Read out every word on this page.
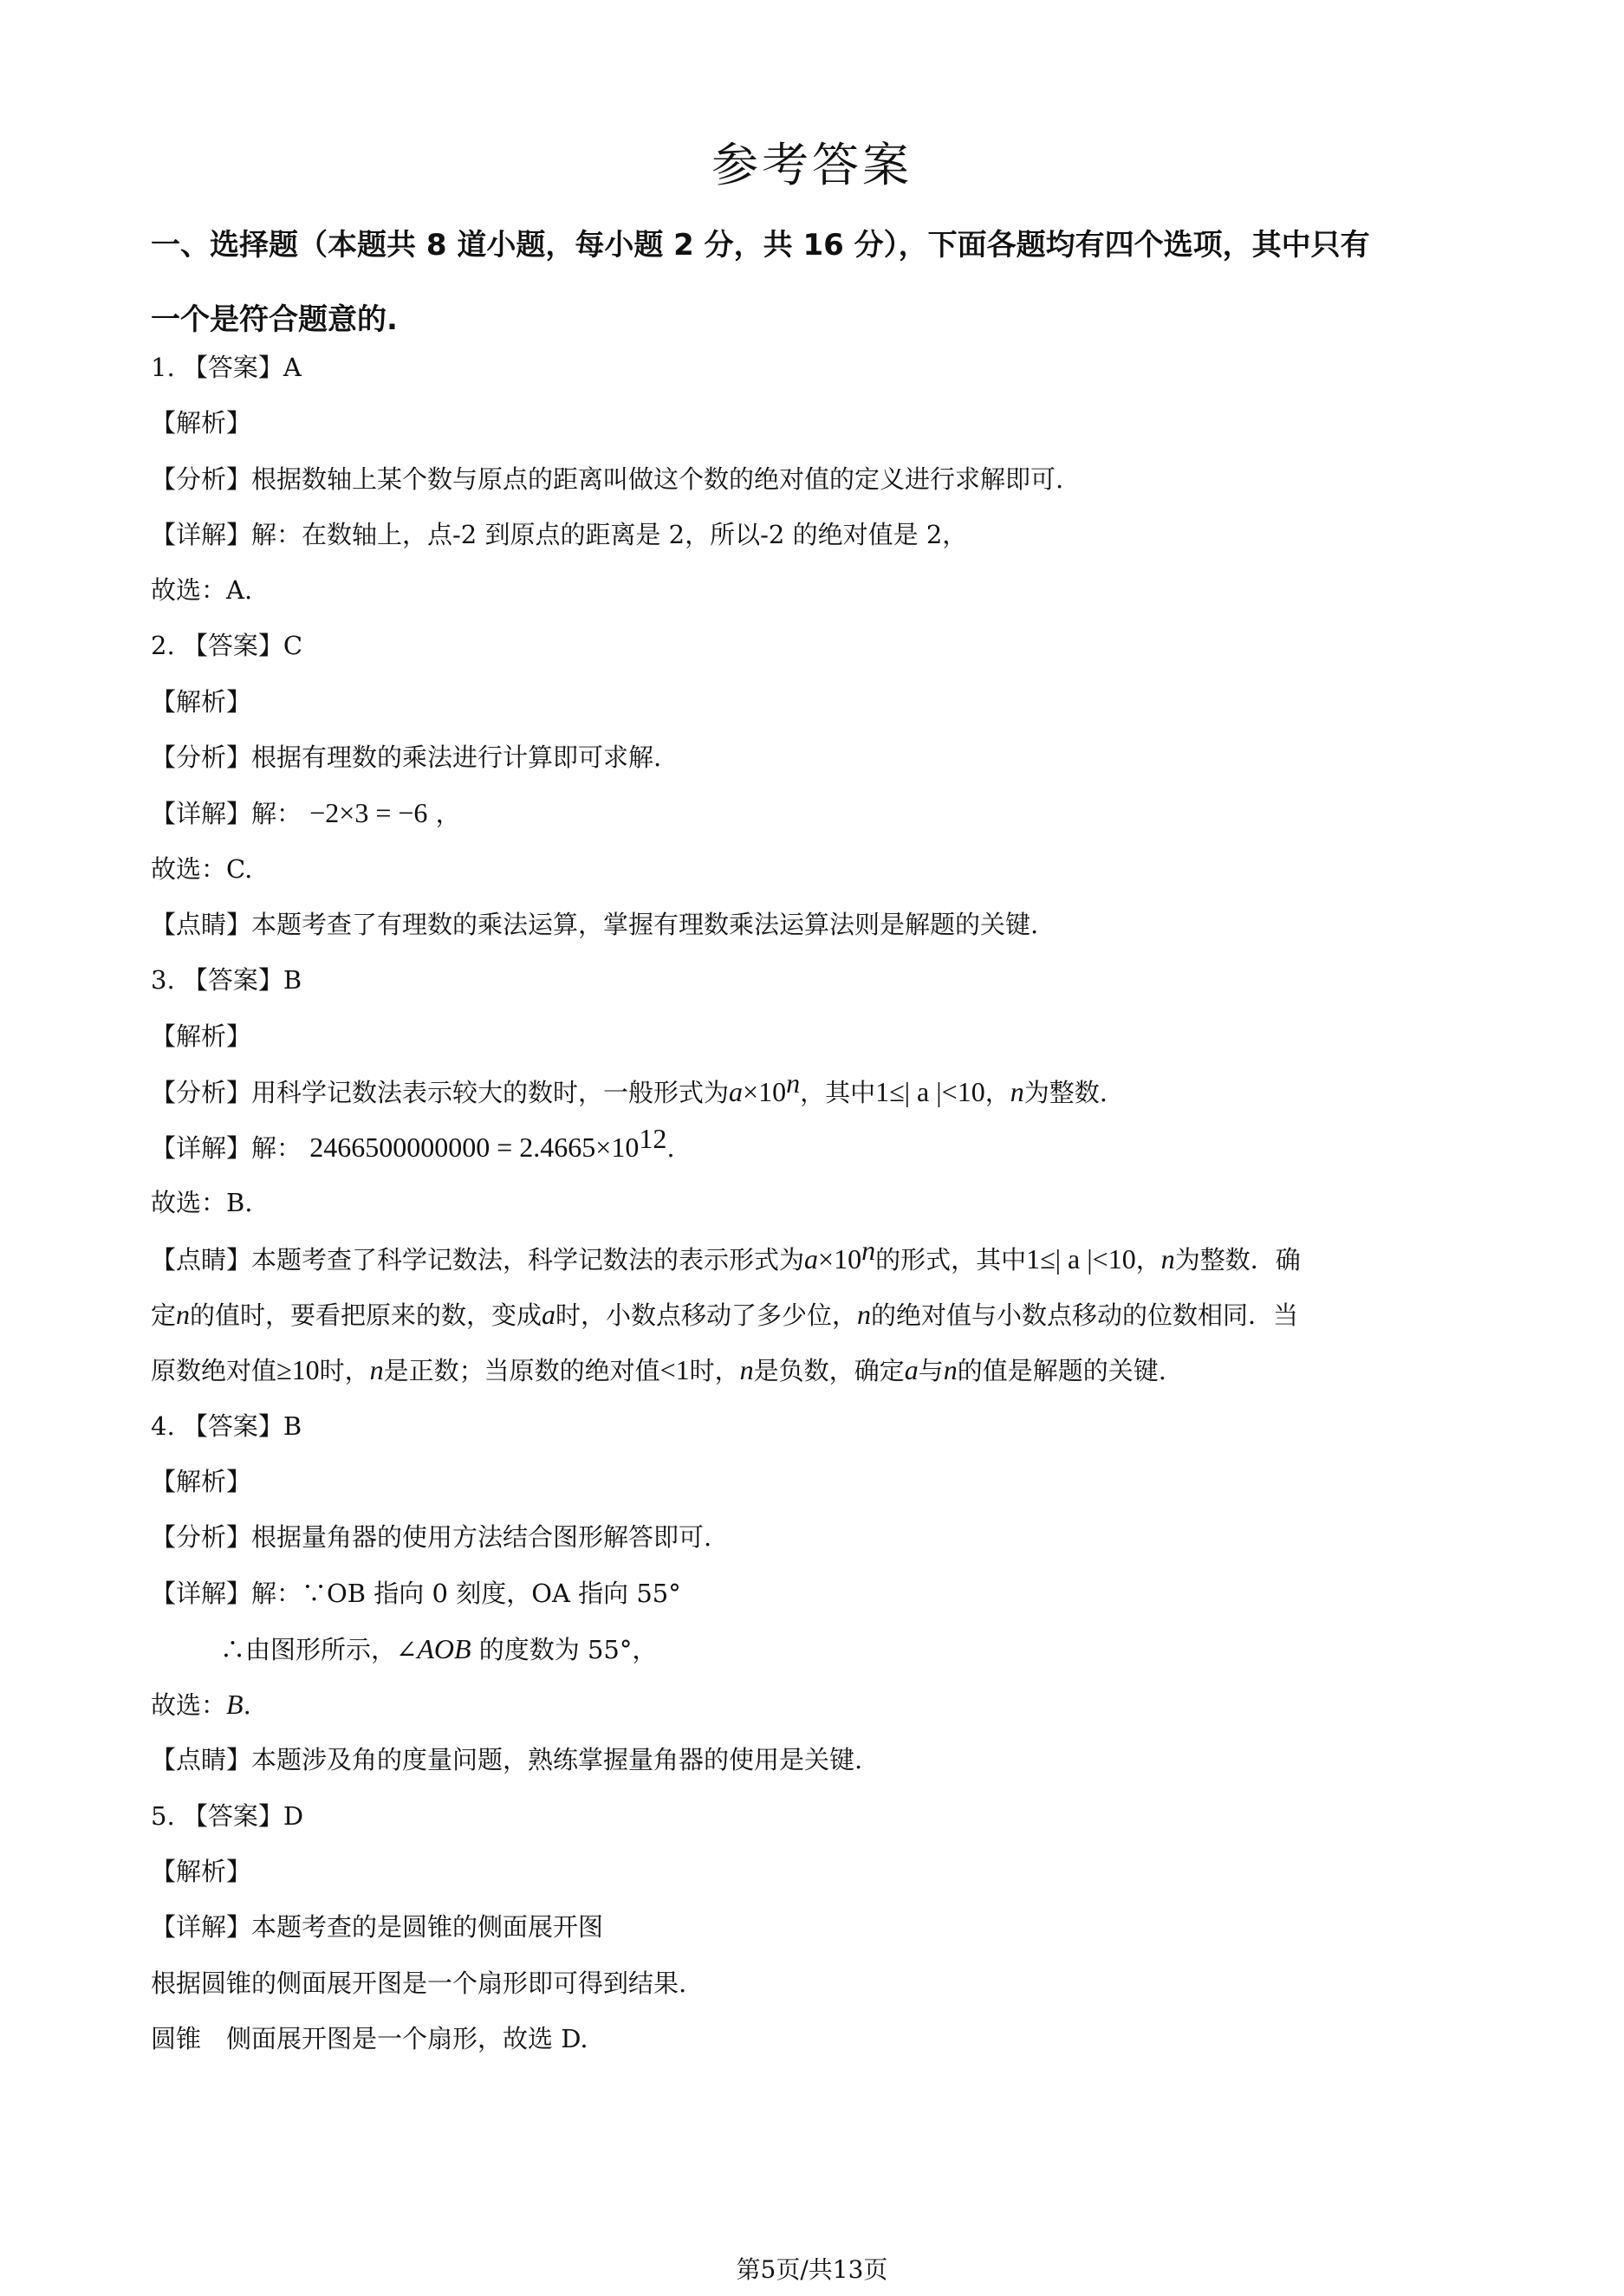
参考答案
一、选择题（本题共 8 道小题，每小题 2 分，共 16 分），下面各题均有四个选项，其中只有
一个是符合题意的.
1. 【答案】A
【解析】
【分析】根据数轴上某个数与原点的距离叫做这个数的绝对值的定义进行求解即可.
【详解】解：在数轴上，点-2 到原点的距离是 2，所以-2 的绝对值是 2，
故选：A.
2. 【答案】C
【解析】
【分析】根据有理数的乘法进行计算即可求解.
【详解】解： −2×3 = −6 ，
故选：C.
【点睛】本题考查了有理数的乘法运算，掌握有理数乘法运算法则是解题的关键.
3. 【答案】B
【解析】
【分析】用科学记数法表示较大的数时，一般形式为$a\times 10^n$，其中1≤| a |<10，n为整数.
【详解】解： $2466500000000 = 2.4665\times 10^{12}$.
故选：B.
【点睛】本题考查了科学记数法，科学记数法的表示形式为$a\times 10^n$的形式，其中1≤| a |<10，n为整数．确
定n的值时，要看把原来的数，变成a时，小数点移动了多少位，n的绝对值与小数点移动的位数相同．当
原数绝对值≥10时，n是正数；当原数的绝对值<1时，n是负数，确定a与n的值是解题的关键.
4. 【答案】B
【解析】
【分析】根据量角器的使用方法结合图形解答即可.
【详解】解：∵OB 指向 0 刻度，OA 指向 55°
∴由图形所示，∠AOB 的度数为 55°，
故选：B.
【点睛】本题涉及角的度量问题，熟练掌握量角器的使用是关键.
5. 【答案】D
【解析】
【详解】本题考查的是圆锥的侧面展开图
根据圆锥的侧面展开图是一个扇形即可得到结果.
圆锥　侧面展开图是一个扇形，故选 D.
第5页/共13页
